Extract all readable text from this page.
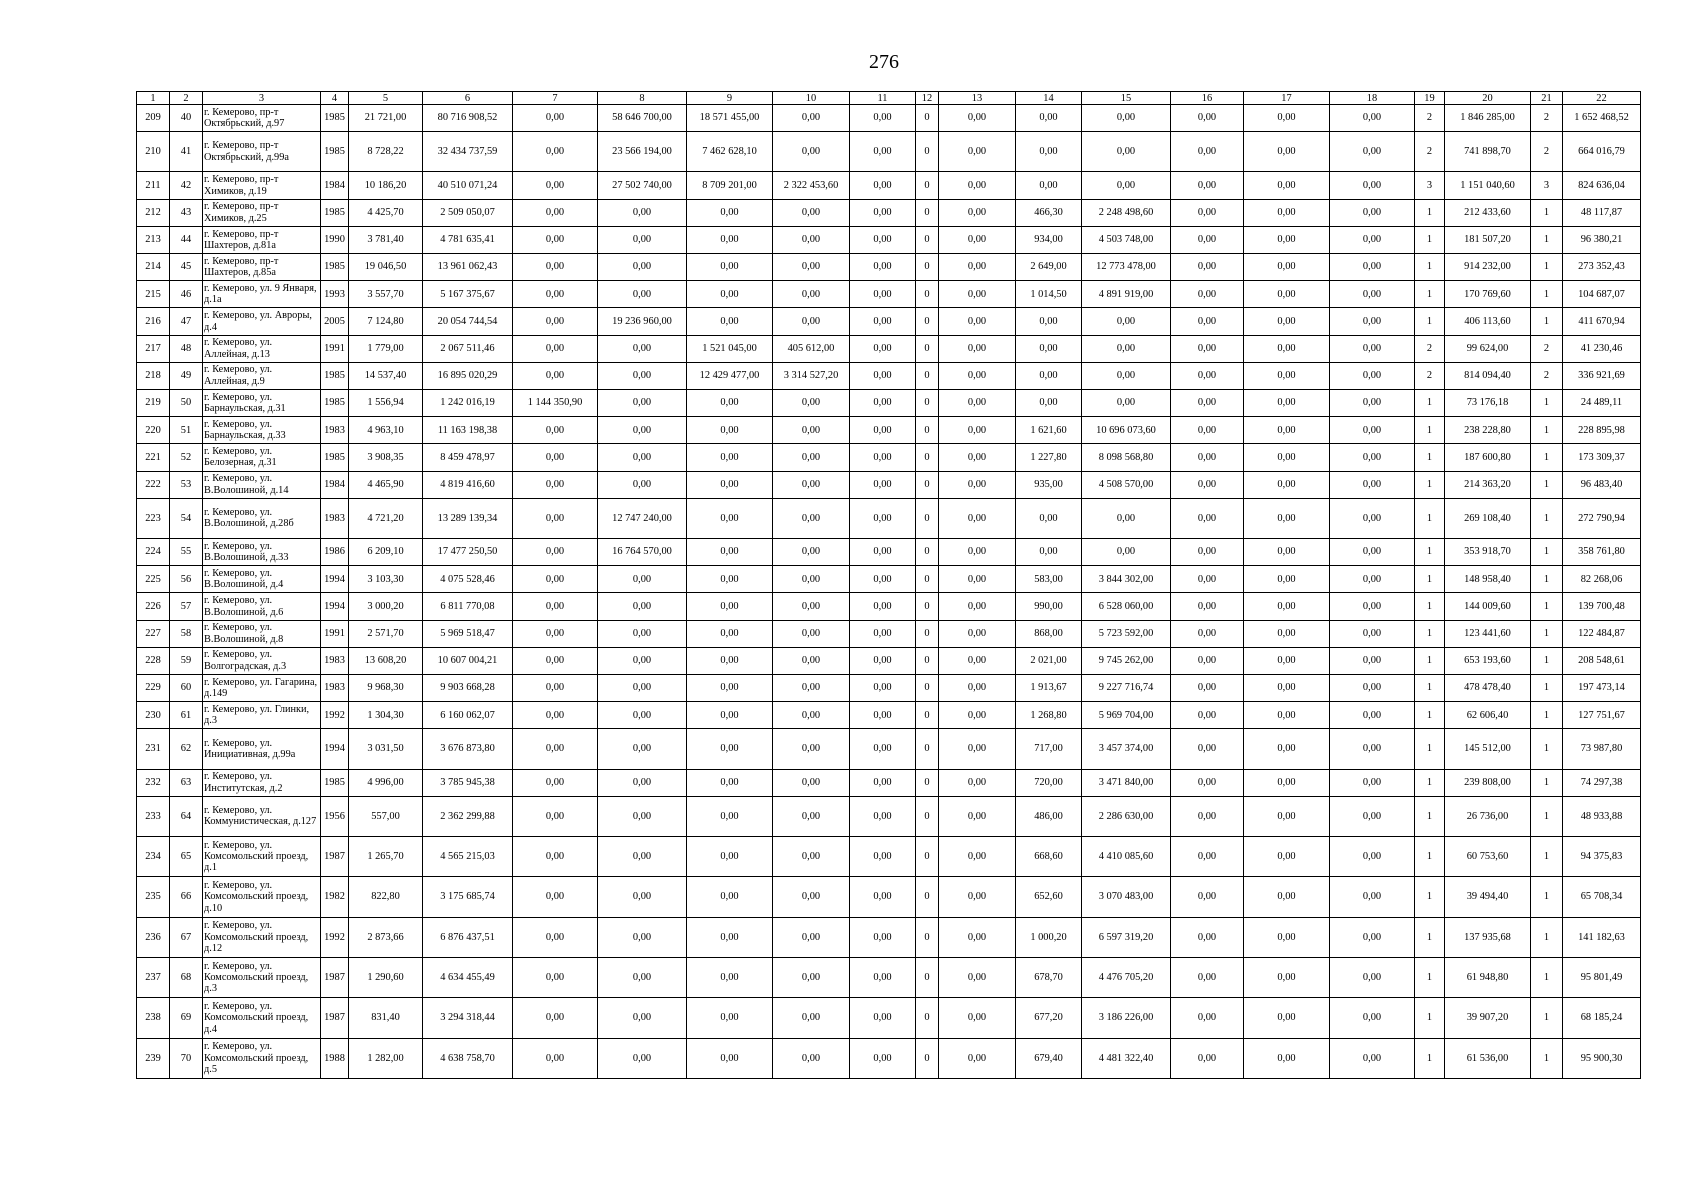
276
1	2	3	4	5	6	7	8	9	10	11	12	13	14	15	16	17	18	19	20	21	22
209	40	г. Кемерово, пр-т Октябрьский, д.97	1985	21 721,00	80 716 908,52	0,00	58 646 700,00	18 571 455,00	0,00	0,00	0	0,00	0,00	0,00	0,00	0,00	0,00	2	1 846 285,00	2	1 652 468,52
210	41	г. Кемерово, пр-т Октябрьский, д.99а	1985	8 728,22	32 434 737,59	0,00	23 566 194,00	7 462 628,10	0,00	0,00	0	0,00	0,00	0,00	0,00	0,00	0,00	2	741 898,70	2	664 016,79
211	42	г. Кемерово, пр-т Химиков, д.19	1984	10 186,20	40 510 071,24	0,00	27 502 740,00	8 709 201,00	2 322 453,60	0,00	0	0,00	0,00	0,00	0,00	0,00	0,00	3	1 151 040,60	3	824 636,04
212	43	г. Кемерово, пр-т Химиков, д.25	1985	4 425,70	2 509 050,07	0,00	0,00	0,00	0,00	0,00	0	0,00	466,30	2 248 498,60	0,00	0,00	0,00	1	212 433,60	1	48 117,87
213	44	г. Кемерово, пр-т Шахтеров, д.81а	1990	3 781,40	4 781 635,41	0,00	0,00	0,00	0,00	0,00	0	0,00	934,00	4 503 748,00	0,00	0,00	0,00	1	181 507,20	1	96 380,21
214	45	г. Кемерово, пр-т Шахтеров, д.85а	1985	19 046,50	13 961 062,43	0,00	0,00	0,00	0,00	0,00	0	0,00	2 649,00	12 773 478,00	0,00	0,00	0,00	1	914 232,00	1	273 352,43
215	46	г. Кемерово, ул. 9 Января, д.1а	1993	3 557,70	5 167 375,67	0,00	0,00	0,00	0,00	0,00	0	0,00	1 014,50	4 891 919,00	0,00	0,00	0,00	1	170 769,60	1	104 687,07
216	47	г. Кемерово, ул. Авроры, д.4	2005	7 124,80	20 054 744,54	0,00	19 236 960,00	0,00	0,00	0,00	0	0,00	0,00	0,00	0,00	0,00	0,00	1	406 113,60	1	411 670,94
217	48	г. Кемерово, ул. Аллейная, д.13	1991	1 779,00	2 067 511,46	0,00	0,00	1 521 045,00	405 612,00	0,00	0	0,00	0,00	0,00	0,00	0,00	0,00	2	99 624,00	2	41 230,46
218	49	г. Кемерово, ул. Аллейная, д.9	1985	14 537,40	16 895 020,29	0,00	0,00	12 429 477,00	3 314 527,20	0,00	0	0,00	0,00	0,00	0,00	0,00	0,00	2	814 094,40	2	336 921,69
219	50	г. Кемерово, ул. Барнаульская, д.31	1985	1 556,94	1 242 016,19	1 144 350,90	0,00	0,00	0,00	0,00	0	0,00	0,00	0,00	0,00	0,00	0,00	1	73 176,18	1	24 489,11
220	51	г. Кемерово, ул. Барнаульская, д.33	1983	4 963,10	11 163 198,38	0,00	0,00	0,00	0,00	0,00	0	0,00	1 621,60	10 696 073,60	0,00	0,00	0,00	1	238 228,80	1	228 895,98
221	52	г. Кемерово, ул. Белозерная, д.31	1985	3 908,35	8 459 478,97	0,00	0,00	0,00	0,00	0,00	0	0,00	1 227,80	8 098 568,80	0,00	0,00	0,00	1	187 600,80	1	173 309,37
222	53	г. Кемерово, ул. В.Волошиной, д.14	1984	4 465,90	4 819 416,60	0,00	0,00	0,00	0,00	0,00	0	0,00	935,00	4 508 570,00	0,00	0,00	0,00	1	214 363,20	1	96 483,40
223	54	г. Кемерово, ул. В.Волошиной, д.28б	1983	4 721,20	13 289 139,34	0,00	12 747 240,00	0,00	0,00	0,00	0	0,00	0,00	0,00	0,00	0,00	0,00	1	269 108,40	1	272 790,94
224	55	г. Кемерово, ул. В.Волошиной, д.33	1986	6 209,10	17 477 250,50	0,00	16 764 570,00	0,00	0,00	0,00	0	0,00	0,00	0,00	0,00	0,00	0,00	1	353 918,70	1	358 761,80
225	56	г. Кемерово, ул. В.Волошиной, д.4	1994	3 103,30	4 075 528,46	0,00	0,00	0,00	0,00	0,00	0	0,00	583,00	3 844 302,00	0,00	0,00	0,00	1	148 958,40	1	82 268,06
226	57	г. Кемерово, ул. В.Волошиной, д.6	1994	3 000,20	6 811 770,08	0,00	0,00	0,00	0,00	0,00	0	0,00	990,00	6 528 060,00	0,00	0,00	0,00	1	144 009,60	1	139 700,48
227	58	г. Кемерово, ул. В.Волошиной, д.8	1991	2 571,70	5 969 518,47	0,00	0,00	0,00	0,00	0,00	0	0,00	868,00	5 723 592,00	0,00	0,00	0,00	1	123 441,60	1	122 484,87
228	59	г. Кемерово, ул. Волгоградская, д.3	1983	13 608,20	10 607 004,21	0,00	0,00	0,00	0,00	0,00	0	0,00	2 021,00	9 745 262,00	0,00	0,00	0,00	1	653 193,60	1	208 548,61
229	60	г. Кемерово, ул. Гагарина, д.149	1983	9 968,30	9 903 668,28	0,00	0,00	0,00	0,00	0,00	0	0,00	1 913,67	9 227 716,74	0,00	0,00	0,00	1	478 478,40	1	197 473,14
230	61	г. Кемерово, ул. Глинки, д.3	1992	1 304,30	6 160 062,07	0,00	0,00	0,00	0,00	0,00	0	0,00	1 268,80	5 969 704,00	0,00	0,00	0,00	1	62 606,40	1	127 751,67
231	62	г. Кемерово, ул. Инициативная, д.99а	1994	3 031,50	3 676 873,80	0,00	0,00	0,00	0,00	0,00	0	0,00	717,00	3 457 374,00	0,00	0,00	0,00	1	145 512,00	1	73 987,80
232	63	г. Кемерово, ул. Институтская, д.2	1985	4 996,00	3 785 945,38	0,00	0,00	0,00	0,00	0,00	0	0,00	720,00	3 471 840,00	0,00	0,00	0,00	1	239 808,00	1	74 297,38
233	64	г. Кемерово, ул. Коммунистическая, д.127	1956	557,00	2 362 299,88	0,00	0,00	0,00	0,00	0,00	0	0,00	486,00	2 286 630,00	0,00	0,00	0,00	1	26 736,00	1	48 933,88
234	65	г. Кемерово, ул. Комсомольский проезд, д.1	1987	1 265,70	4 565 215,03	0,00	0,00	0,00	0,00	0,00	0	0,00	668,60	4 410 085,60	0,00	0,00	0,00	1	60 753,60	1	94 375,83
235	66	г. Кемерово, ул. Комсомольский проезд, д.10	1982	822,80	3 175 685,74	0,00	0,00	0,00	0,00	0,00	0	0,00	652,60	3 070 483,00	0,00	0,00	0,00	1	39 494,40	1	65 708,34
236	67	г. Кемерово, ул. Комсомольский проезд, д.12	1992	2 873,66	6 876 437,51	0,00	0,00	0,00	0,00	0,00	0	0,00	1 000,20	6 597 319,20	0,00	0,00	0,00	1	137 935,68	1	141 182,63
237	68	г. Кемерово, ул. Комсомольский проезд, д.3	1987	1 290,60	4 634 455,49	0,00	0,00	0,00	0,00	0,00	0	0,00	678,70	4 476 705,20	0,00	0,00	0,00	1	61 948,80	1	95 801,49
238	69	г. Кемерово, ул. Комсомольский проезд, д.4	1987	831,40	3 294 318,44	0,00	0,00	0,00	0,00	0,00	0	0,00	677,20	3 186 226,00	0,00	0,00	0,00	1	39 907,20	1	68 185,24
239	70	г. Кемерово, ул. Комсомольский проезд, д.5	1988	1 282,00	4 638 758,70	0,00	0,00	0,00	0,00	0,00	0	0,00	679,40	4 481 322,40	0,00	0,00	0,00	1	61 536,00	1	95 900,30
